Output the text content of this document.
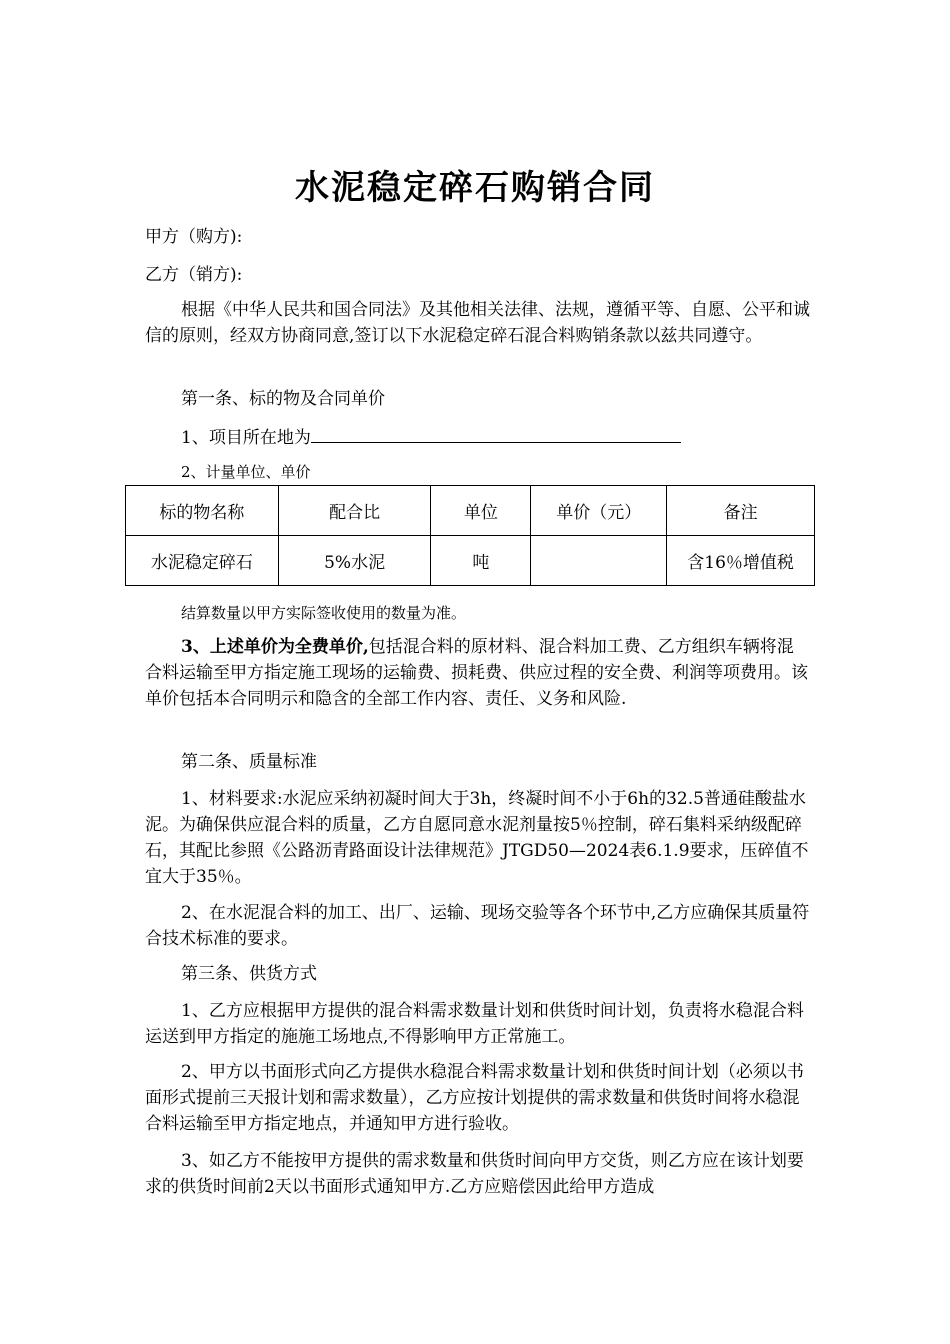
水泥稳定碎石购销合同
甲方（购方):
乙方（销方):

根据《中华人民共和国合同法》及其他相关法律、法规，遵循平等、自愿、公平和诚信的原则，经双方协商同意,签订以下水泥稳定碎石混合料购销条款以兹共同遵守。

第一条、标的物及合同单价
1、项目所在地为
2、计量单位、单价
标的物名称	配合比	单位	单价（元）	备注
水泥稳定碎石	5%水泥	吨		含16％增值税
结算数量以甲方实际签收使用的数量为准。

3、上述单价为全费单价,包括混合料的原材料、混合料加工费、乙方组织车辆将混合料运输至甲方指定施工现场的运输费、损耗费、供应过程的安全费、利润等项费用。该单价包括本合同明示和隐含的全部工作内容、责任、义务和风险.

第二条、质量标准

1、材料要求:水泥应采纳初凝时间大于3h，终凝时间不小于6h的32.5普通硅酸盐水泥。为确保供应混合料的质量，乙方自愿同意水泥剂量按5％控制，碎石集料采纳级配碎石，其配比参照《公路沥青路面设计法律规范》JTGD50—2024表6.1.9要求，压碎值不宜大于35％。

2、在水泥混合料的加工、出厂、运输、现场交验等各个环节中,乙方应确保其质量符合技术标准的要求。

第三条、供货方式

1、乙方应根据甲方提供的混合料需求数量计划和供货时间计划，负责将水稳混合料运送到甲方指定的施施工场地点,不得影响甲方正常施工。

2、甲方以书面形式向乙方提供水稳混合料需求数量计划和供货时间计划（必须以书面形式提前三天报计划和需求数量），乙方应按计划提供的需求数量和供货时间将水稳混合料运输至甲方指定地点，并通知甲方进行验收。

3、如乙方不能按甲方提供的需求数量和供货时间向甲方交货，则乙方应在该计划要求的供货时间前2天以书面形式通知甲方.乙方应赔偿因此给甲方造成
